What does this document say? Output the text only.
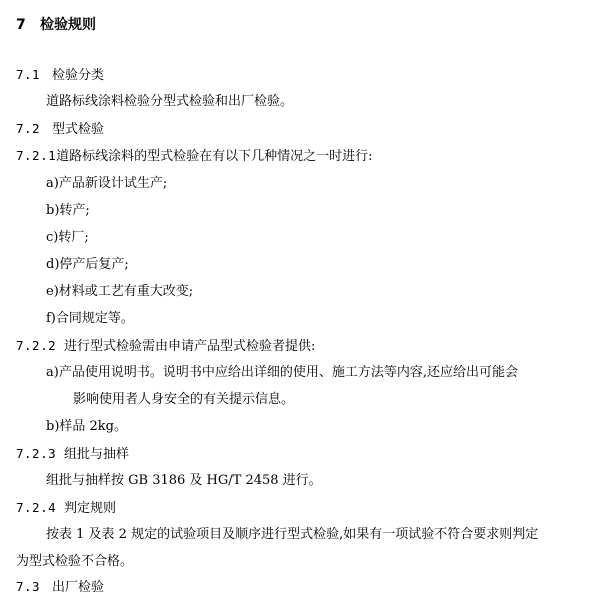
7 检验规则
7.1 检验分类
道路标线涂料检验分型式检验和出厂检验。
7.2 型式检验
7.2.1道路标线涂料的型式检验在有以下几种情况之一时进行:
a)产品新设计试生产;
b)转产;
c)转厂;
d)停产后复产;
e)材料或工艺有重大改变;
f)合同规定等。
7.2.2 进行型式检验需由申请产品型式检验者提供:
a)产品使用说明书。说明书中应给出详细的使用、施工方法等内容,还应给出可能会
影响使用者人身安全的有关提示信息。
b)样品 2kg。
7.2.3 组批与抽样
组批与抽样按 GB 3186 及 HG/T 2458 进行。
7.2.4 判定规则
按表 1 及表 2 规定的试验项目及顺序进行型式检验,如果有一项试验不符合要求则判定
为型式检验不合格。
7.3 出厂检验
